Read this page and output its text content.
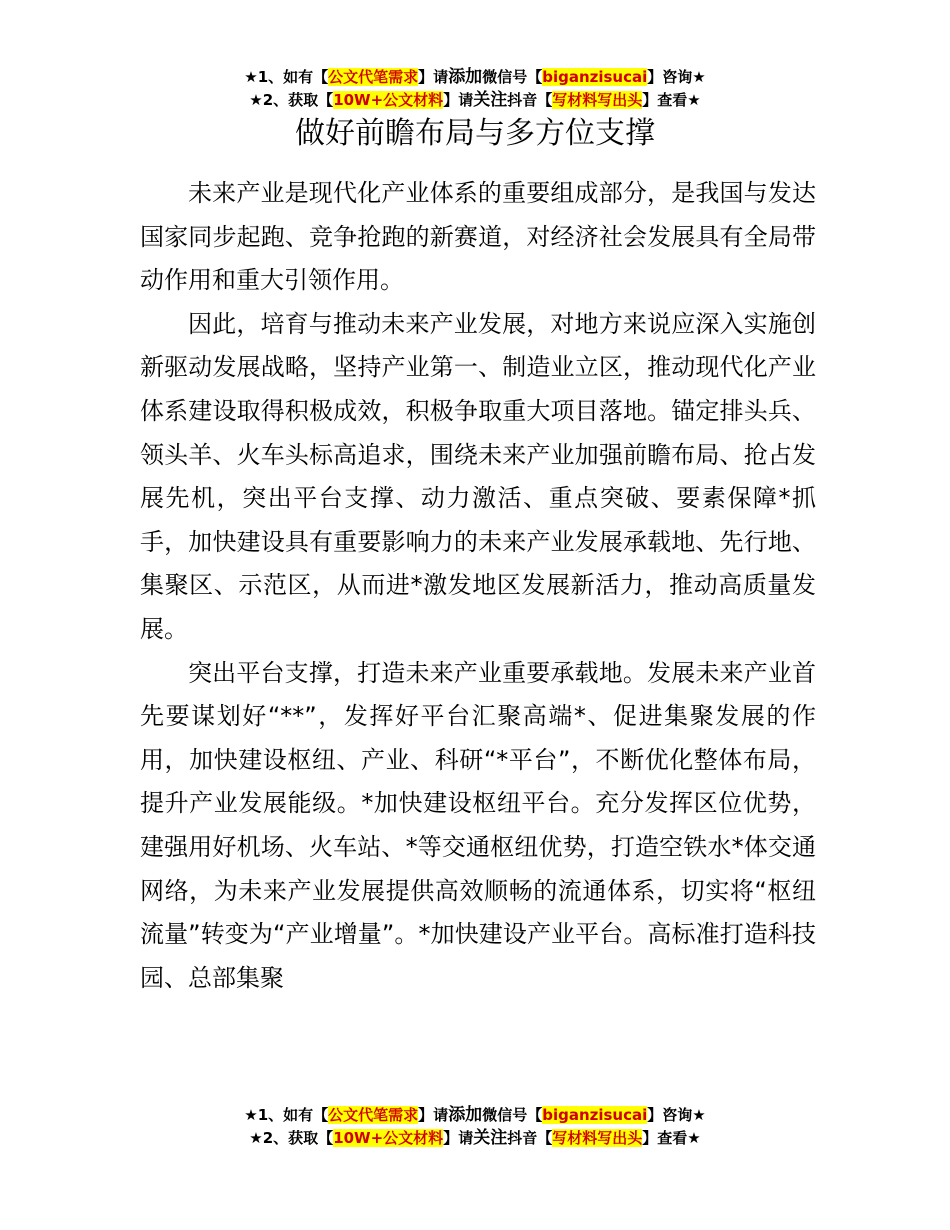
★1、如有【公文代笔需求】请添加微信号【biganzisucai】咨询★
★2、获取【10W+公文材料】请关注抖音【写材料写出头】查看★
做好前瞻布局与多方位支撑

未来产业是现代化产业体系的重要组成部分，是我国与发达国家同步起跑、竞争抢跑的新赛道，对经济社会发展具有全局带动作用和重大引领作用。

因此，培育与推动未来产业发展，对地方来说应深入实施创新驱动发展战略，坚持产业第一、制造业立区，推动现代化产业体系建设取得积极成效，积极争取重大项目落地。锚定排头兵、领头羊、火车头标高追求，围绕未来产业加强前瞻布局、抢占发展先机，突出平台支撑、动力激活、重点突破、要素保障*抓手，加快建设具有重要影响力的未来产业发展承载地、先行地、集聚区、示范区，从而进*激发地区发展新活力，推动高质量发展。

突出平台支撑，打造未来产业重要承载地。发展未来产业首先要谋划好“**”，发挥好平台汇聚高端*、促进集聚发展的作用，加快建设枢纽、产业、科研“*平台”，不断优化整体布局，提升产业发展能级。*加快建设枢纽平台。充分发挥区位优势，建强用好机场、火车站、*等交通枢纽优势，打造空铁水*体交通网络，为未来产业发展提供高效顺畅的流通体系，切实将“枢纽流量”转变为“产业增量”。*加快建设产业平台。高标准打造科技园、总部集聚

★1、如有【公文代笔需求】请添加微信号【biganzisucai】咨询★
★2、获取【10W+公文材料】请关注抖音【写材料写出头】查看★
